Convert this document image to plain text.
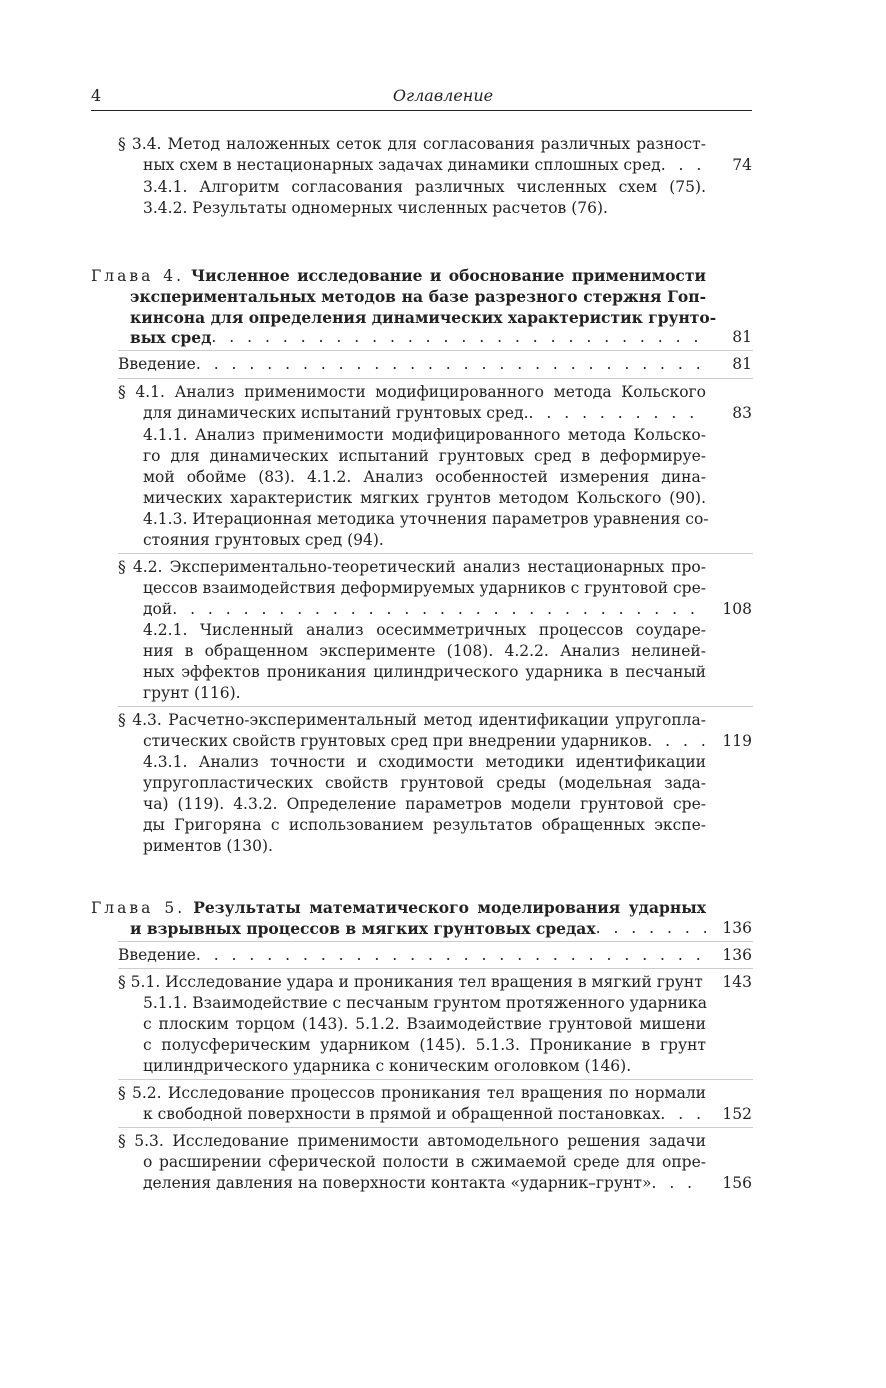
4	Оглавление
§ 3.4. Метод наложенных сеток для согласования различных разност-
ных схем в нестационарных задачах динамики сплошных сред . . .	74
3.4.1. Алгоритм согласования различных численных схем (75).
3.4.2. Результаты одномерных численных расчетов (76).
Глава 4. Численное исследование и обоснование применимости
экспериментальных методов на базе разрезного стержня Гоп-
кинсона для определения динамических характеристик грунто-
вых сред . . .	81
Введение . . .	81
§ 4.1. Анализ применимости модифицированного метода Кольского
для динамических испытаний грунтовых сред. . . .	83
4.1.1. Анализ применимости модифицированного метода Кольско-
го для динамических испытаний грунтовых сред в деформируе-
мой обойме (83). 4.1.2. Анализ особенностей измерения дина-
мических характеристик мягких грунтов методом Кольского (90).
4.1.3. Итерационная методика уточнения параметров уравнения со-
стояния грунтовых сред (94).
§ 4.2. Экспериментально-теоретический анализ нестационарных про-
цессов взаимодействия деформируемых ударников с грунтовой сре-
дой . . .	108
4.2.1. Численный анализ осесимметричных процессов соударе-
ния в обращенном эксперименте (108). 4.2.2. Анализ нелиней-
ных эффектов проникания цилиндрического ударника в песчаный
грунт (116).
§ 4.3. Расчетно-экспериментальный метод идентификации упругопла-
стических свойств грунтовых сред при внедрении ударников . . .	119
4.3.1. Анализ точности и сходимости методики идентификации
упругопластических свойств грунтовой среды (модельная зада-
ча) (119). 4.3.2. Определение параметров модели грунтовой сре-
ды Григоряна с использованием результатов обращенных экспе-
риментов (130).
Глава 5. Результаты математического моделирования ударных
и взрывных процессов в мягких грунтовых средах . . .	136
Введение . . .	136
§ 5.1. Исследование удара и проникания тел вращения в мягкий грунт	143
5.1.1. Взаимодействие с песчаным грунтом протяженного ударника
с плоским торцом (143). 5.1.2. Взаимодействие грунтовой мишени
с полусферическим ударником (145). 5.1.3. Проникание в грунт
цилиндрического ударника с коническим оголовком (146).
§ 5.2. Исследование процессов проникания тел вращения по нормали
к свободной поверхности в прямой и обращенной постановках . . .	152
§ 5.3. Исследование применимости автомодельного решения задачи
о расширении сферической полости в сжимаемой среде для опре-
деления давления на поверхности контакта «ударник–грунт» . . .	156
